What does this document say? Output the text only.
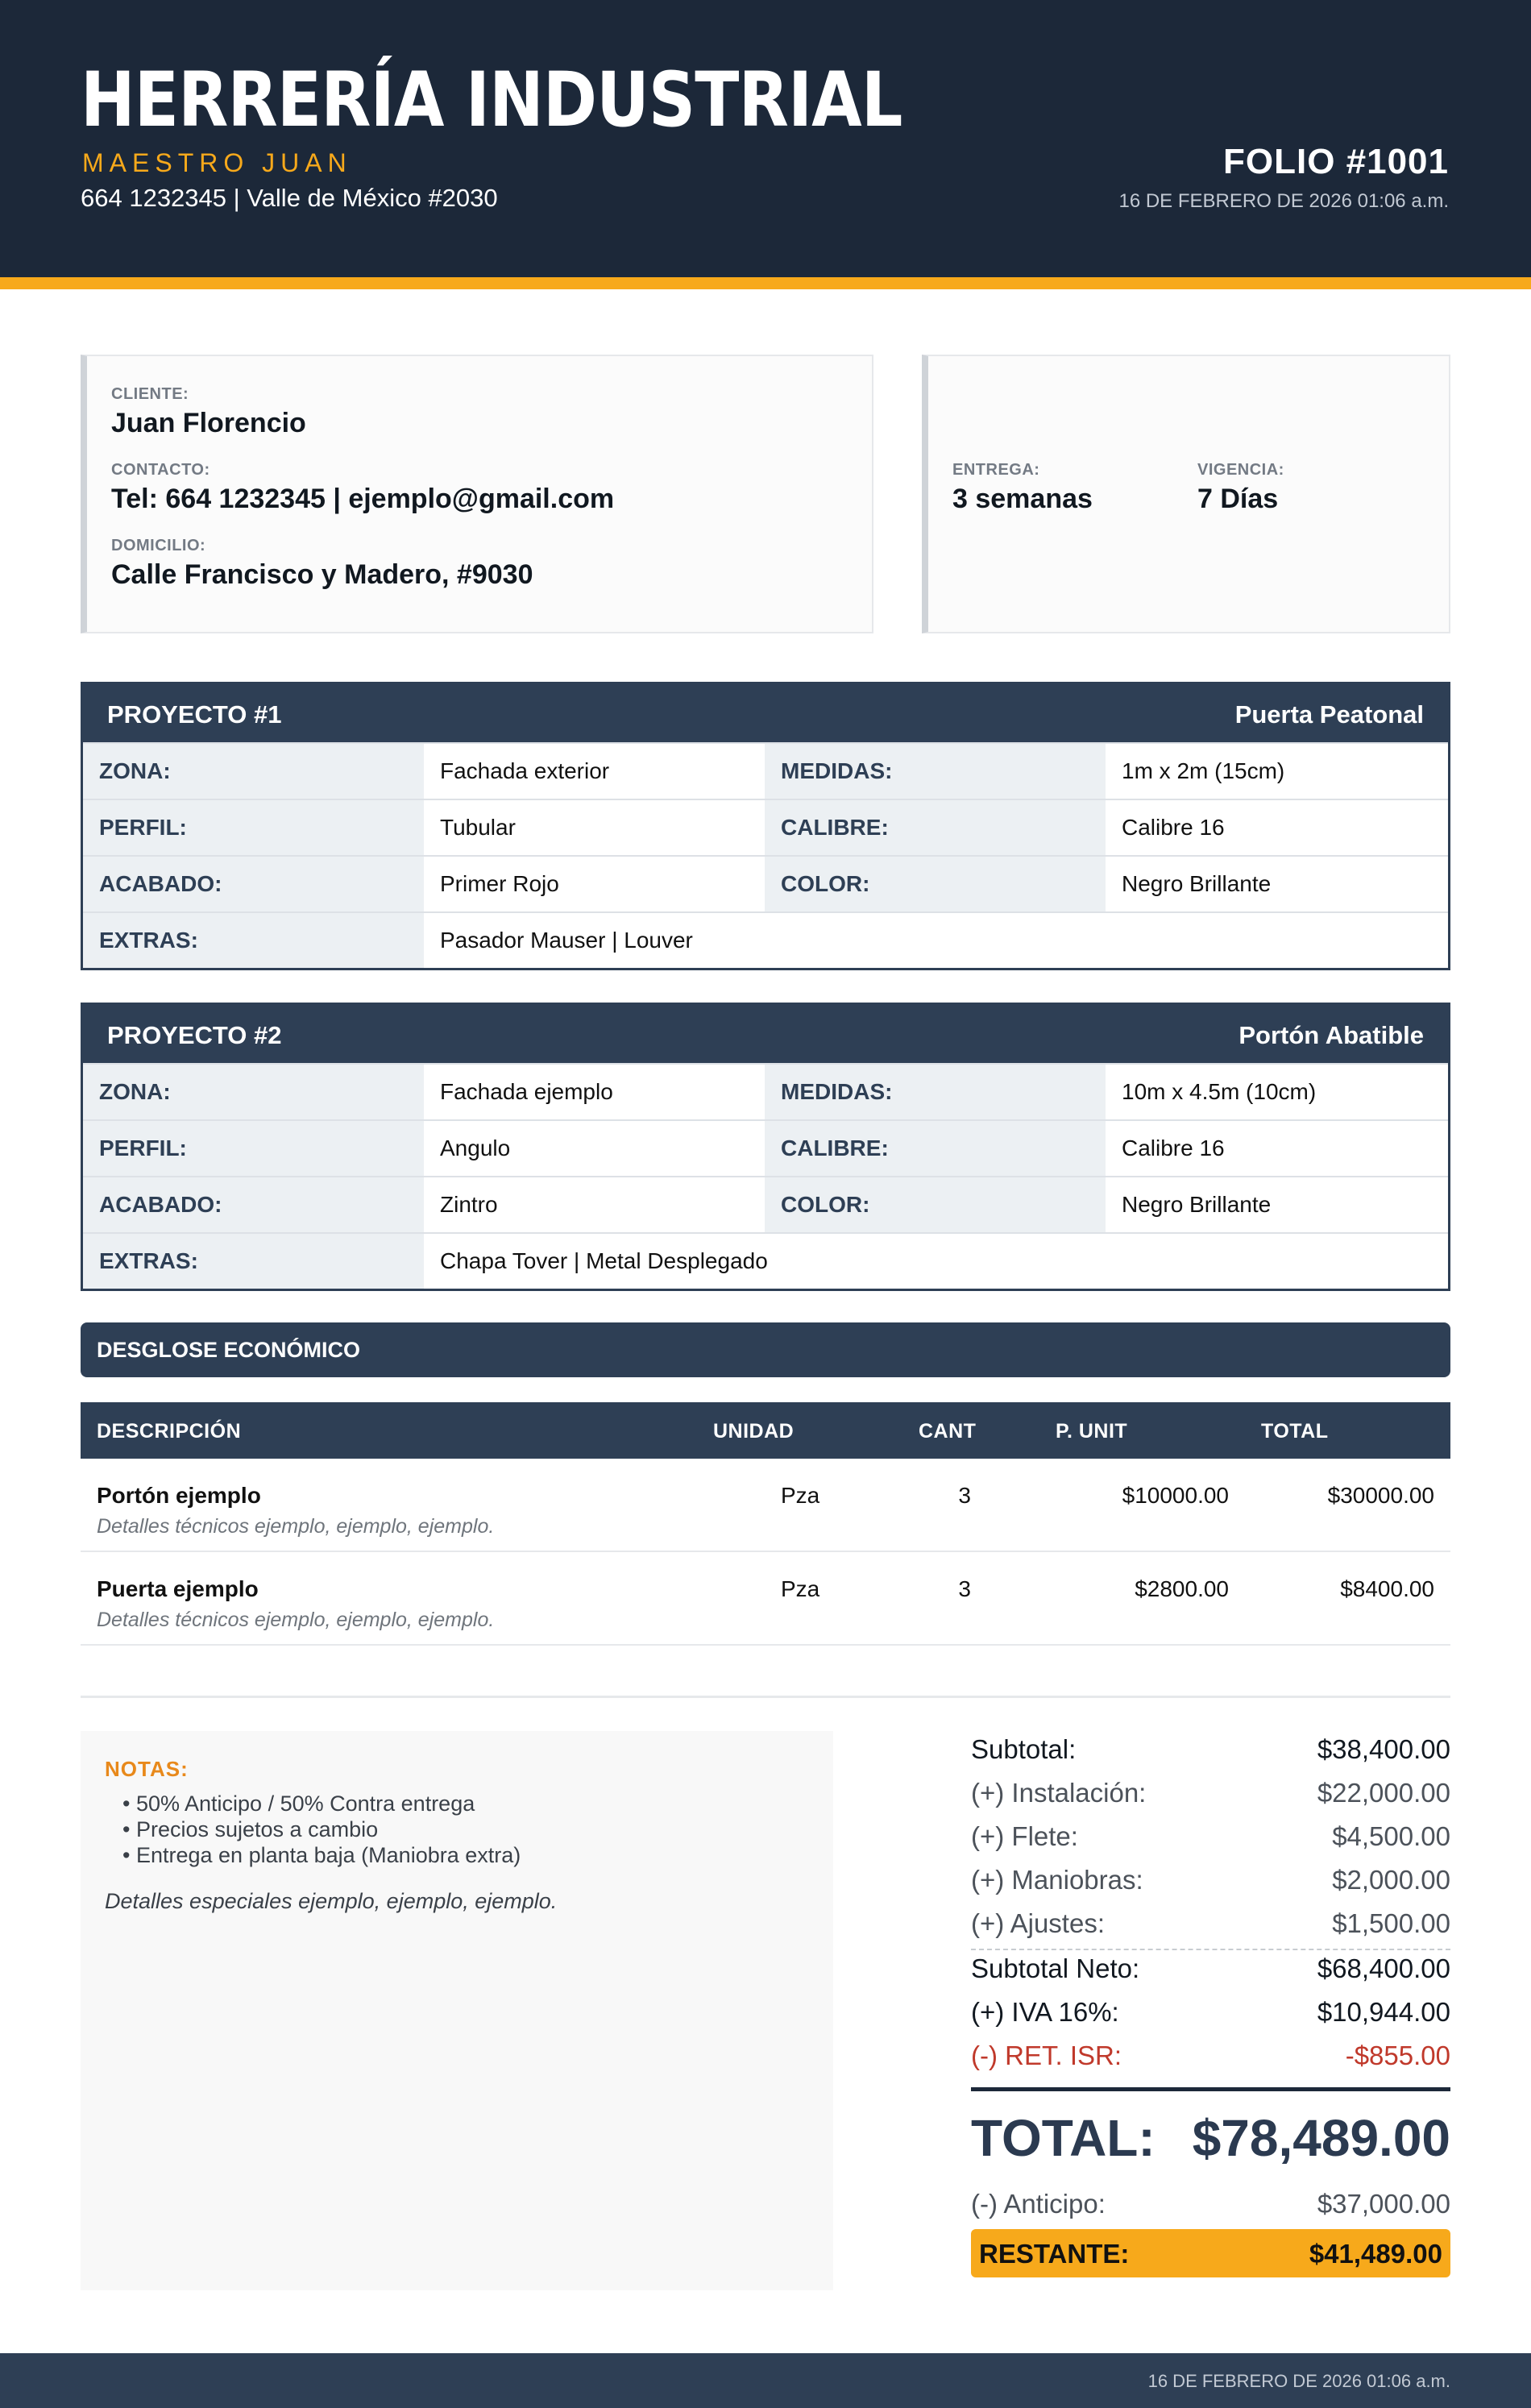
HERRERÍA INDUSTRIAL
MAESTRO JUAN
664 1232345 | Valle de México #2030
FOLIO #1001
16 DE FEBRERO DE 2026 01:06 a.m.
CLIENTE:
Juan Florencio
CONTACTO:
Tel: 664 1232345 | ejemplo@gmail.com
DOMICILIO:
Calle Francisco y Madero, #9030
ENTREGA:
3 semanas
VIGENCIA:
7 Días
PROYECTO #1	Puerta Peatonal
ZONA:	Fachada exterior	MEDIDAS:	1m x 2m (15cm)
PERFIL:	Tubular	CALIBRE:	Calibre 16
ACABADO:	Primer Rojo	COLOR:	Negro Brillante
EXTRAS:	Pasador Mauser | Louver
PROYECTO #2	Portón Abatible
ZONA:	Fachada ejemplo	MEDIDAS:	10m x 4.5m (10cm)
PERFIL:	Angulo	CALIBRE:	Calibre 16
ACABADO:	Zintro	COLOR:	Negro Brillante
EXTRAS:	Chapa Tover | Metal Desplegado
DESGLOSE ECONÓMICO
DESCRIPCIÓN	UNIDAD	CANT	P. UNIT	TOTAL
Portón ejemplo
Detalles técnicos ejemplo, ejemplo, ejemplo.
Pza	3	$10000.00	$30000.00
Puerta ejemplo
Detalles técnicos ejemplo, ejemplo, ejemplo.
Pza	3	$2800.00	$8400.00
NOTAS:
• 50% Anticipo / 50% Contra entrega
• Precios sujetos a cambio
• Entrega en planta baja (Maniobra extra)
Detalles especiales ejemplo, ejemplo, ejemplo.
Subtotal:	$38,400.00
(+) Instalación:	$22,000.00
(+) Flete:	$4,500.00
(+) Maniobras:	$2,000.00
(+) Ajustes:	$1,500.00
Subtotal Neto:	$68,400.00
(+) IVA 16%:	$10,944.00
(-) RET. ISR:	-$855.00
TOTAL: $78,489.00
(-) Anticipo:	$37,000.00
RESTANTE:	$41,489.00
16 DE FEBRERO DE 2026 01:06 a.m.
